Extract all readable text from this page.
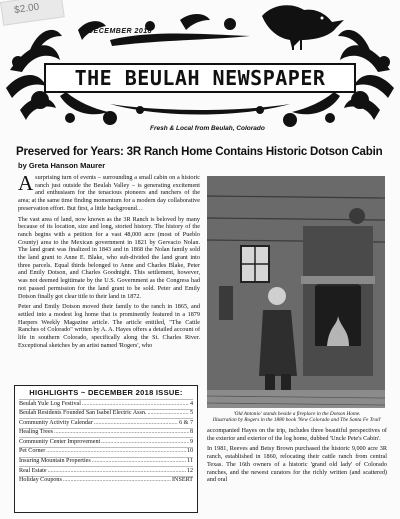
$2.00
DECEMBER 2018
THE BEULAH NEWSPAPER
Fresh & Local from Beulah, Colorado
Preserved for Years: 3R Ranch Home Contains Historic Dotson Cabin
by Greta Hanson Maurer

Asurprising turn of events – surrounding a small cabin on a historic ranch just outside the Beulah Valley – is generating excitement and enthusiasm for the tenacious pioneers and ranchers of the area; at the same time finding momentum for a modern day collaborative preservation effort. But first, a little background…

The vast area of land, now known as the 3R Ranch is beloved by many because of its location, size and long, storied history. The history of the ranch begins with a petition for a vast 48,000 acre (most of Pueblo County) area to the Mexican government in 1821 by Gervacio Nolan. The land grant was finalized in 1843 and in 1868 the Nolan family sold the land grant to Anne E. Blake, who sub-divided the land grant into three parcels. Equal thirds belonged to Anne and Charles Blake, Peter and Emily Dotson, and Charles Goodnight. This settlement, however, was not deemed legitimate by the U.S. Government as the Congress had not passed permission for the land grant to be sold. Peter and Emily Dotson finally got clear title to their land in 1872.

Peter and Emily Dotson moved their family to the ranch in 1865, and settled into a modest log home that is prominently featured in a 1879 Harpers Weekly Magazine article. The article entitled, "The Cattle Ranches of Colorado" written by A. A. Hayes offers a detailed account of life in southern Colorado, specifically along the St. Charles River. Exceptional sketches by an artist named 'Rogers', who

'Old Antonio' stands beside a fireplace in the Dotson Home.
Illustration by Rogers in the 1880 book 'New Colorado and The Santa Fe Trail'

accompanied Hayes on the trip, includes three beautiful perspectives of the exterior and exterior of the log home, dubbed 'Uncle Pete's Cabin'.

In 1981, Reeves and Betsy Brown purchased the historic 9,000 acre 3R ranch, established in 1860, relocating their cattle ranch from central Texas. The 16th owners of a historic 'grand old lady' of Colorado ranches, and the newest curators for the richly written (and scattered) and oral

HIGHLIGHTS ~ DECEMBER 2018 ISSUE:
Beulah Yule Log Festival .....	4
Beulah Residents Founded San Isabel Electric Assn. .....	5
Community Activity Calendar .....	6 & 7
Healing Trees .....	8
Community Center Improvement .....	9
Pet Corner .....	10
Insuring Mountain Properties .....	11
Real Estate .....	12
Holiday Coupons .....	INSERT
